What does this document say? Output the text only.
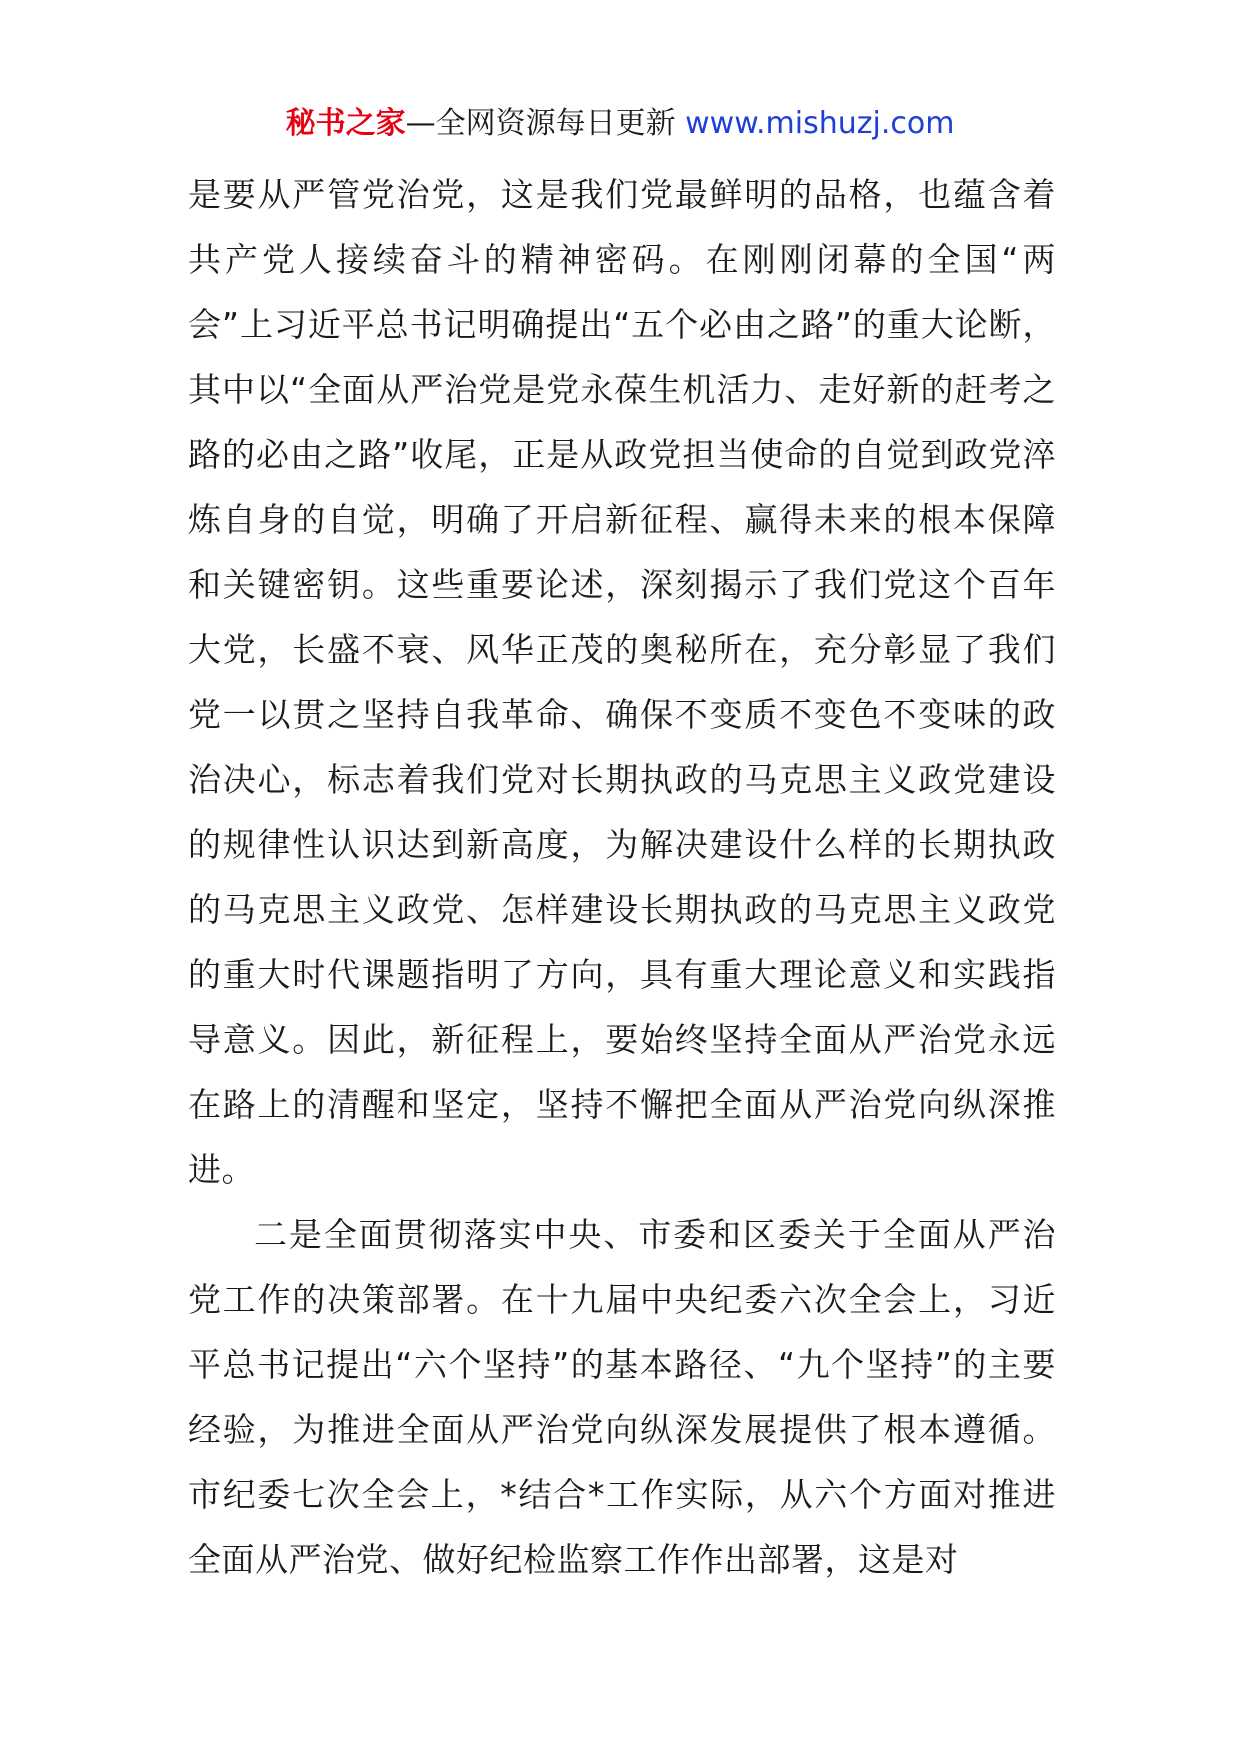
秘书之家—全网资源每日更新 www.mishuzj.com

是要从严管党治党，这是我们党最鲜明的品格，也蕴含着共产党人接续奋斗的精神密码。在刚刚闭幕的全国“两会”上习近平总书记明确提出“五个必由之路”的重大论断，其中以“全面从严治党是党永葆生机活力、走好新的赶考之路的必由之路”收尾，正是从政党担当使命的自觉到政党淬炼自身的自觉，明确了开启新征程、赢得未来的根本保障和关键密钥。这些重要论述，深刻揭示了我们党这个百年大党，长盛不衰、风华正茂的奥秘所在，充分彰显了我们党一以贯之坚持自我革命、确保不变质不变色不变味的政治决心，标志着我们党对长期执政的马克思主义政党建设的规律性认识达到新高度，为解决建设什么样的长期执政的马克思主义政党、怎样建设长期执政的马克思主义政党的重大时代课题指明了方向，具有重大理论意义和实践指导意义。因此，新征程上，要始终坚持全面从严治党永远在路上的清醒和坚定，坚持不懈把全面从严治党向纵深推进。

二是全面贯彻落实中央、市委和区委关于全面从严治党工作的决策部署。在十九届中央纪委六次全会上，习近平总书记提出“六个坚持”的基本路径、“九个坚持”的主要经验，为推进全面从严治党向纵深发展提供了根本遵循。市纪委七次全会上，*结合*工作实际，从六个方面对推进全面从严治党、做好纪检监察工作作出部署，这是对
